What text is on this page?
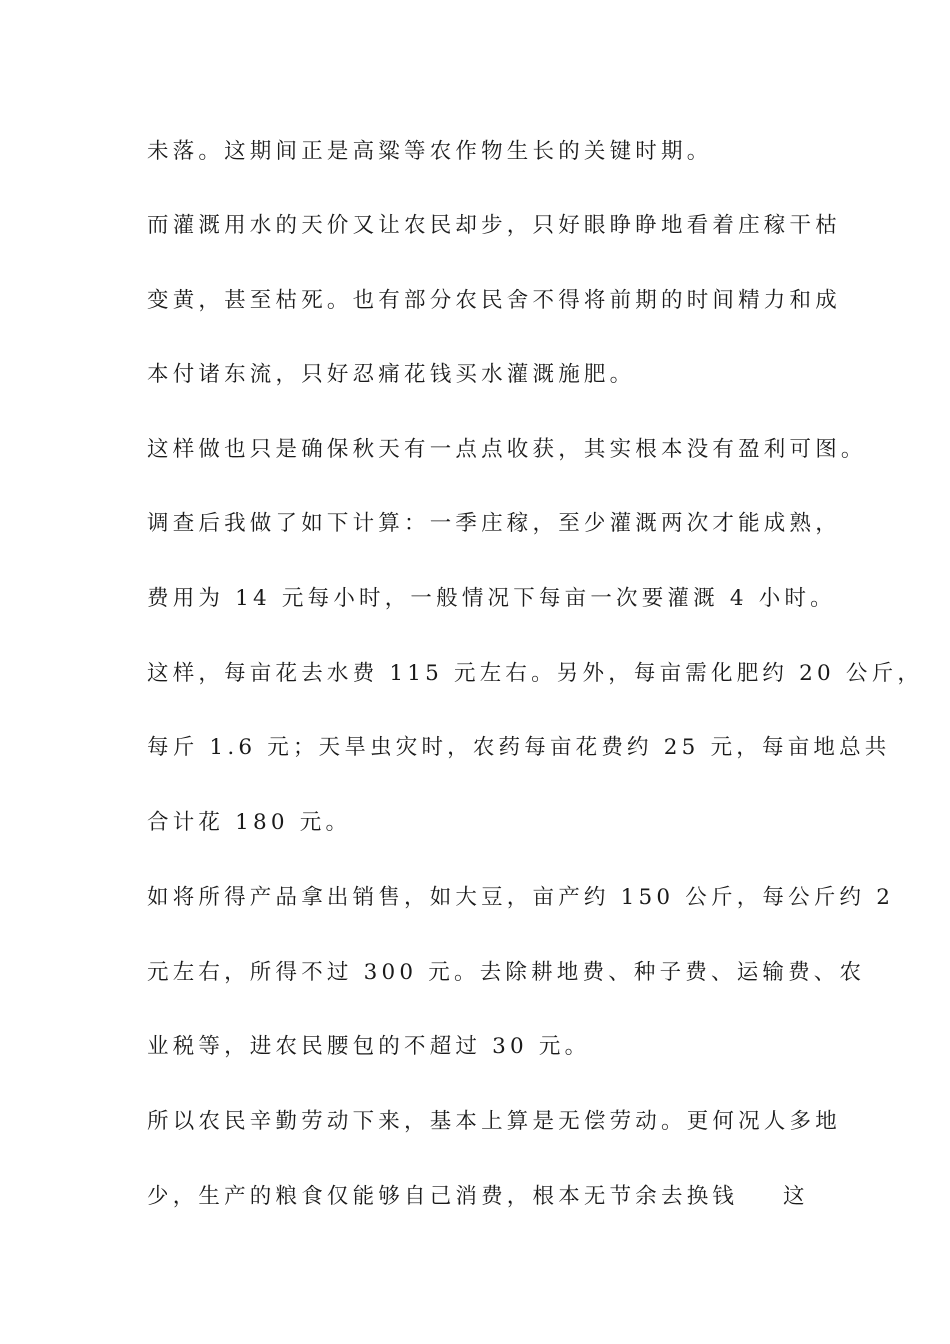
未落。这期间正是高粱等农作物生长的关键时期。
而灌溉用水的天价又让农民却步，只好眼睁睁地看着庄稼干枯
变黄，甚至枯死。也有部分农民舍不得将前期的时间精力和成
本付诸东流，只好忍痛花钱买水灌溉施肥。
这样做也只是确保秋天有一点点收获，其实根本没有盈利可图。
调查后我做了如下计算：一季庄稼，至少灌溉两次才能成熟，
费用为 14 元每小时，一般情况下每亩一次要灌溉 4 小时。
这样，每亩花去水费 115 元左右。另外，每亩需化肥约 20 公斤，
每斤 1.6 元；天旱虫灾时，农药每亩花费约 25 元，每亩地总共
合计花 180 元。
如将所得产品拿出销售，如大豆，亩产约 150 公斤，每公斤约 2
元左右，所得不过 300 元。去除耕地费、种子费、运输费、农
业税等，进农民腰包的不超过 30 元。
所以农民辛勤劳动下来，基本上算是无偿劳动。更何况人多地
少，生产的粮食仅能够自己消费，根本无节余去换钱 这
